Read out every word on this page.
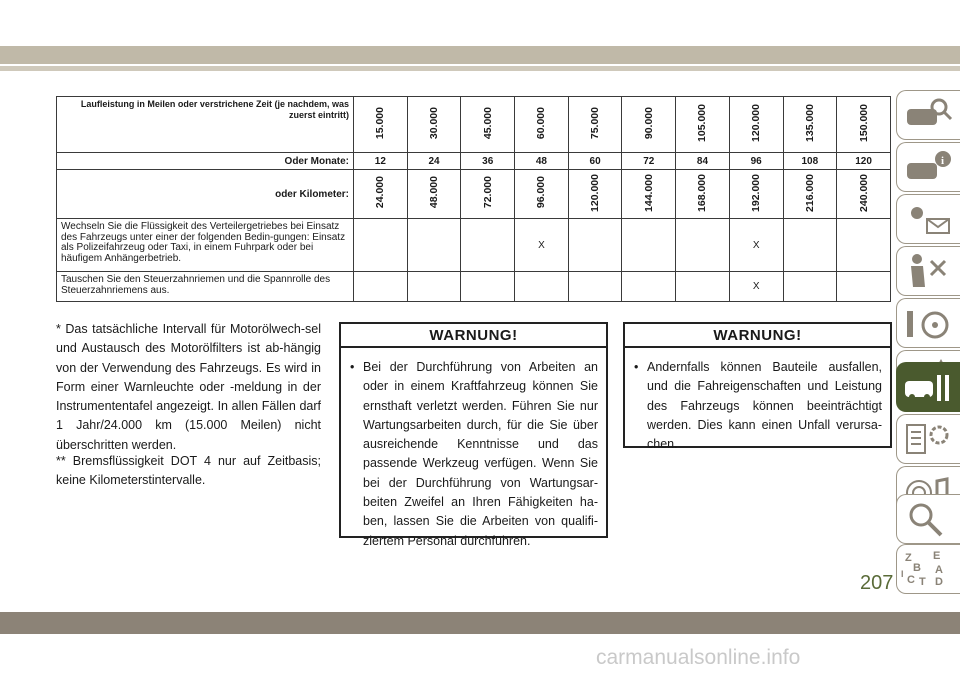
Laufleistung in Meilen oder verstrichene Zeit (je nachdem, was zuerst eintritt)	15.000	30.000	45.000	60.000	75.000	90.000	105.000	120.000	135.000	150.000
Oder Monate:	12	24	36	48	60	72	84	96	108	120
oder Kilometer:	24.000	48.000	72.000	96.000	120.000	144.000	168.000	192.000	216.000	240.000
Wechseln Sie die Flüssigkeit des Verteilergetriebes bei Einsatz des Fahrzeugs unter einer der folgenden Bedin-gungen: Einsatz als Polizeifahrzeug oder Taxi, in einem Fuhrpark oder bei häufigem Anhängerbetrieb.				X				X		
Tauschen Sie den Steuerzahnriemen und die Spannrolle des Steuerzahnriemens aus.								X		
* Das tatsächliche Intervall für Motorölwech-sel und Austausch des Motorölfilters ist ab-hängig von der Verwendung des Fahrzeugs. Es wird in Form einer Warnleuchte oder -meldung in der Instrumententafel angezeigt. In allen Fällen darf 1 Jahr/24.000 km (15.000 Meilen) nicht überschritten werden.
** Bremsflüssigkeit DOT 4 nur auf Zeitbasis; keine Kilometerstintervalle.
WARNUNG!
• Bei der Durchführung von Arbeiten an oder in einem Kraftfahrzeug können Sie ernsthaft verletzt werden. Führen Sie nur Wartungsarbeiten durch, für die Sie über ausreichende Kenntnisse und das passende Werkzeug verfügen. Wenn Sie bei der Durchführung von Wartungsar-beiten Zweifel an Ihren Fähigkeiten ha-ben, lassen Sie die Arbeiten von qualifi-ziertem Personal durchführen.
WARNUNG!
• Andernfalls können Bauteile ausfallen, und die Fahreigenschaften und Leistung des Fahrzeugs können beeinträchtigt werden. Dies kann einen Unfall verursa-chen.
i
Z E
B A
C T D
I
207
carmanualsonline.info
